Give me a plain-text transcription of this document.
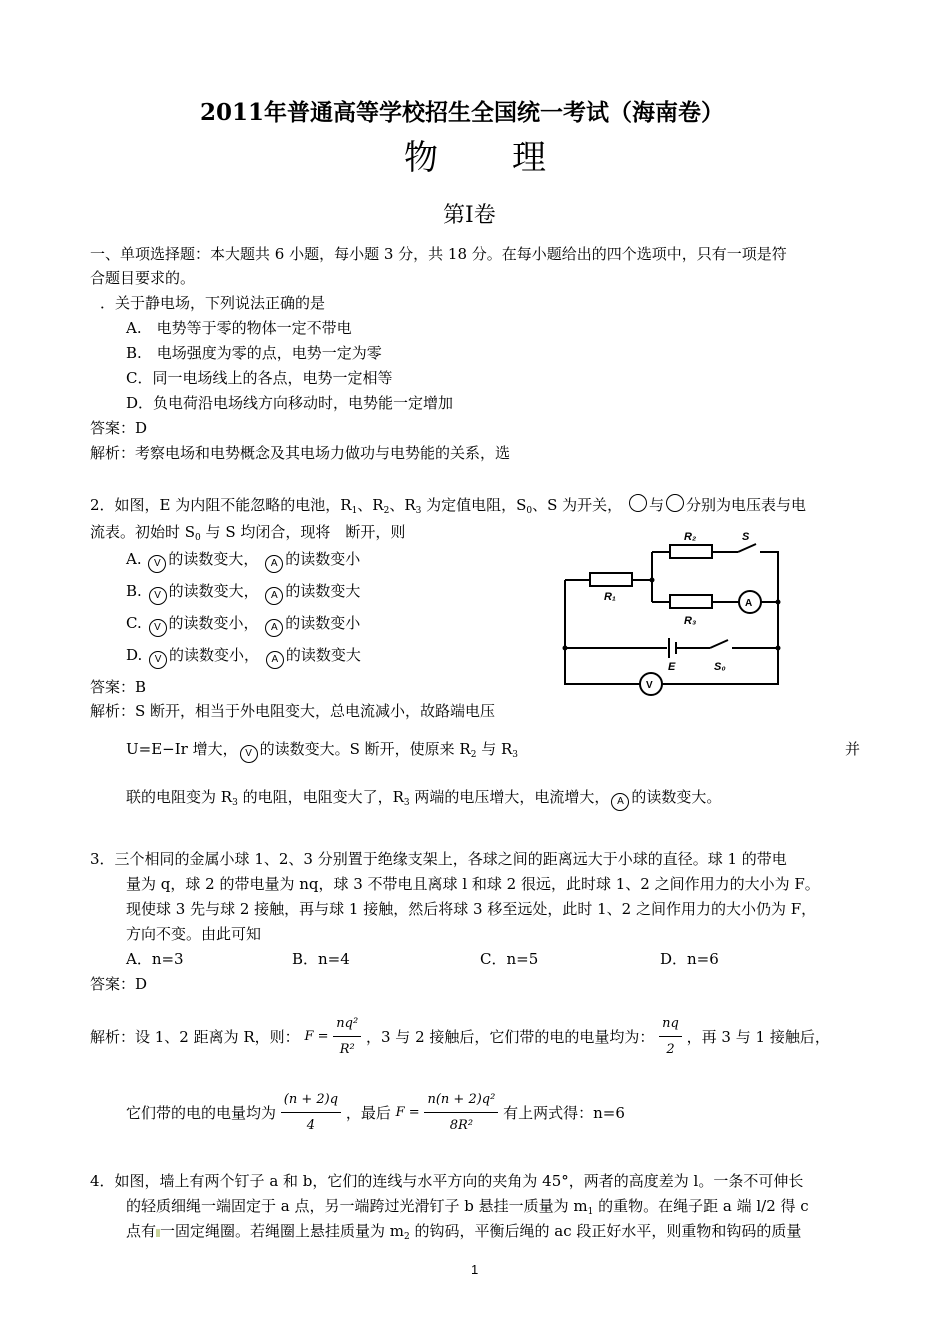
2011年普通高等学校招生全国统一考试（海南卷）
物　　理
第I卷
一、单项选择题：本大题共 6 小题，每小题 3 分，共 18 分。在每小题给出的四个选项中，只有一项是符
合题目要求的。
．关于静电场，下列说法正确的是
A.　电势等于零的物体一定不带电
B.　电场强度为零的点，电势一定为零
C．同一电场线上的各点，电势一定相等
D．负电荷沿电场线方向移动时，电势能一定增加
答案：D
解析：考察电场和电势概念及其电场力做功与电势能的关系，选
2．如图，E 为内阻不能忽略的电池，$R_1$、$R_2$、$R_3$ 为定值电阻，$S_0$、S 为开关， 与 分别为电压表与电
流表。初始时 $S_0$ 与 S 均闭合，现将　断开，则
A. V 的读数变大， A 的读数变小
B. V 的读数变大， A 的读数变大
C. V 的读数变小， A 的读数变小
D. V 的读数变小， A 的读数变大
R₂	S
R₁
R₃
A
E	S₀
V
答案：B
解析：S 断开，相当于外电阻变大，总电流减小，故路端电压
U=E−Ir 增大， V 的读数变大。S 断开，使原来 $R_2$ 与 $R_3$	并
联的电阻变为 $R_3$ 的电阻，电阻变大了，$R_3$ 两端的电压增大，电流增大， A 的读数变大。
3．三个相同的金属小球 1、2、3 分别置于绝缘支架上，各球之间的距离远大于小球的直径。球 1 的带电
量为 q，球 2 的带电量为 nq，球 3 不带电且离球 l 和球 2 很远，此时球 1、2 之间作用力的大小为 F。
现使球 3 先与球 2 接触，再与球 1 接触，然后将球 3 移至远处，此时 1、2 之间作用力的大小仍为 F，
方向不变。由此可知
A．n=3	B．n=4	C．n=5	D．n=6
答案：D
解析：设 1、2 距离为 R，则： $F = \frac{\text{nq²}}{\text{R²}}$ ，3 与 2 接触后，它们带的电的电量均为： $\frac{nq}{2}$ ，再 3 与 1 接触后，
它们带的电的电量均为 $\frac{(n + 2)q}{4}$ ，最后 $F = \frac{\text{n(n + 2)q²}}{\text{8R²}}$ 有上两式得：n=6
4．如图，墙上有两个钉子 a 和 b，它们的连线与水平方向的夹角为 45°，两者的高度差为 l。一条不可伸长
的轻质细绳一端固定于 a 点，另一端跨过光滑钉子 b 悬挂一质量为 $m_1$ 的重物。在绳子距 a 端 l/2 得 c
点有 一固定绳圈。若绳圈上悬挂质量为 $m_2$ 的钩码，平衡后绳的 ac 段正好水平，则重物和钩码的质量
1
